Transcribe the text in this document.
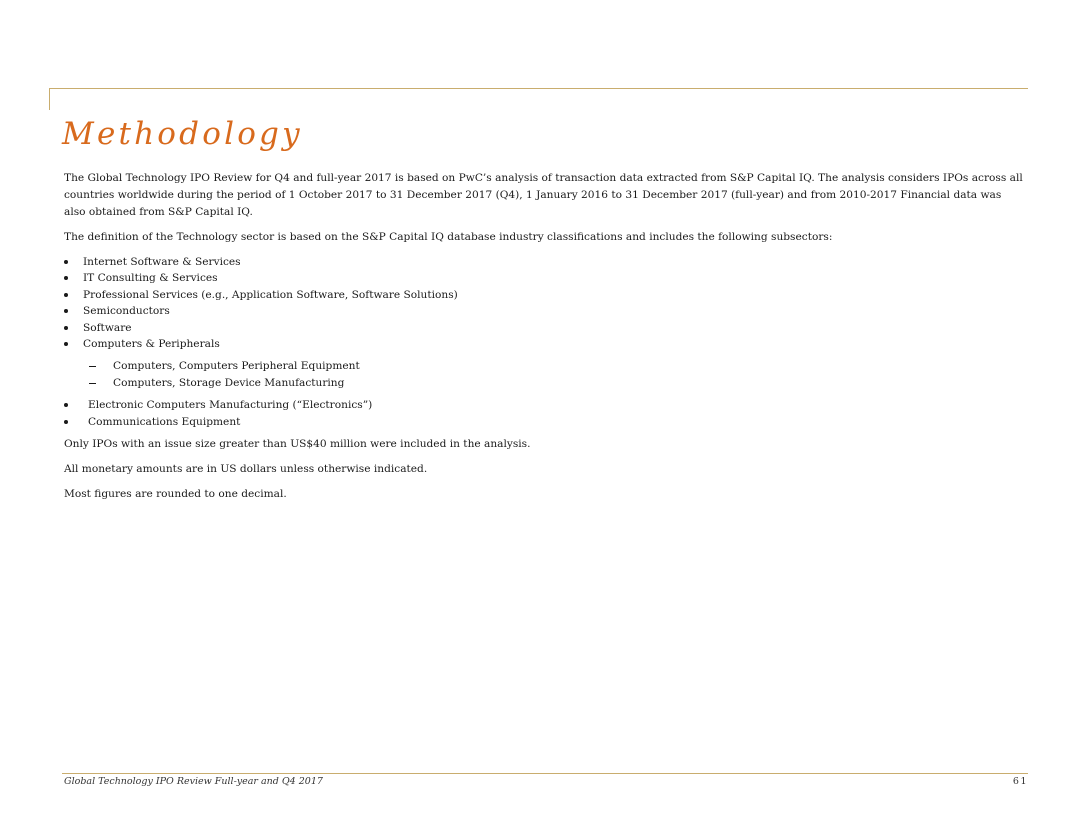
Methodology

The Global Technology IPO Review for Q4 and full-year 2017 is based on PwC’s analysis of transaction data extracted from S&P Capital IQ. The analysis considers IPOs across all countries worldwide during the period of 1 October 2017 to 31 December 2017 (Q4), 1 January 2016 to 31 December 2017 (full-year) and from 2010-2017 Financial data was also obtained from S&P Capital IQ.

The definition of the Technology sector is based on the S&P Capital IQ database industry classifications and includes the following subsectors:

Internet Software & Services
IT Consulting & Services
Professional Services (e.g., Application Software, Software Solutions)
Semiconductors
Software
Computers & Peripherals
Computers, Computers Peripheral Equipment
Computers, Storage Device Manufacturing
Electronic Computers Manufacturing (“Electronics”)
Communications Equipment

Only IPOs with an issue size greater than US$40 million were included in the analysis.

All monetary amounts are in US dollars unless otherwise indicated.

Most figures are rounded to one decimal.

Global Technology IPO Review Full-year and Q4 2017	61
